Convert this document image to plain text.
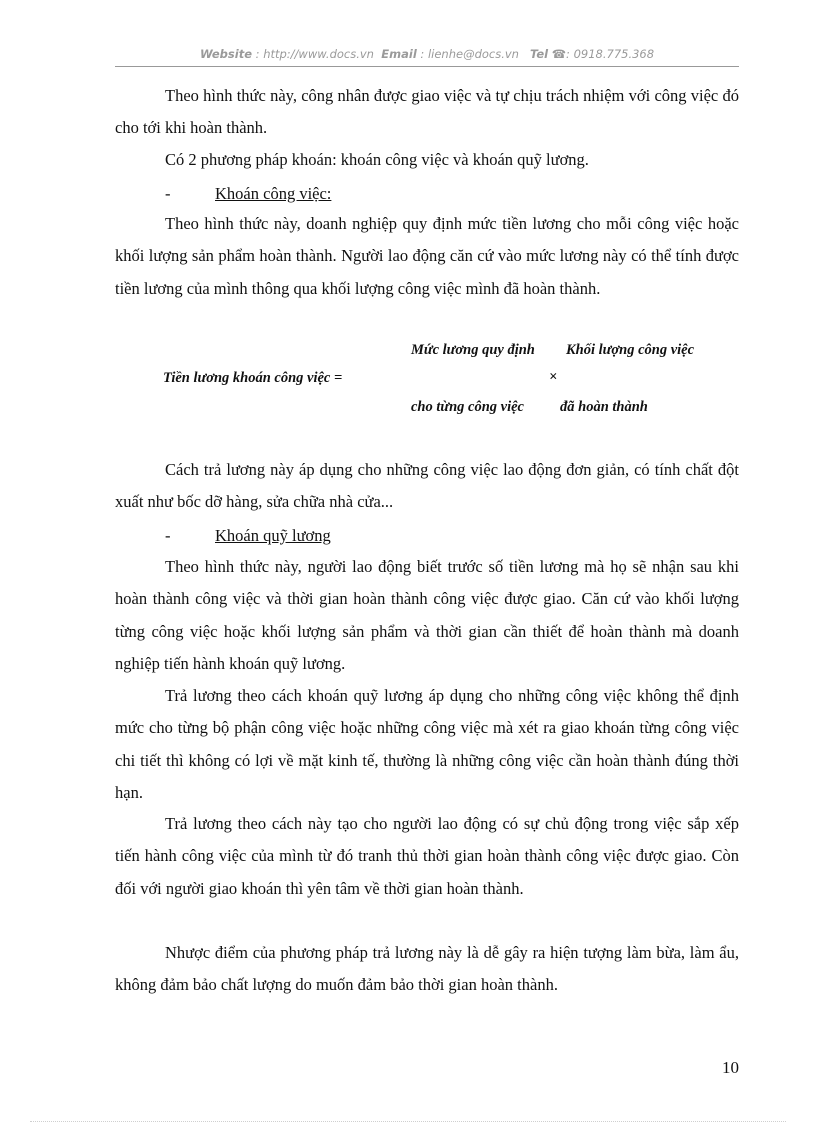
Website : http://www.docs.vn Email : lienhe@docs.vn Tel ☎: 0918.775.368

Theo hình thức này, công nhân được giao việc và tự chịu trách nhiệm với công việc đó cho tới khi hoàn thành.

Có 2 phương pháp khoán: khoán công việc và khoán quỹ lương.

-	Khoán công việc:

Theo hình thức này, doanh nghiệp quy định mức tiền lương cho mỗi công việc hoặc khối lượng sản phẩm hoàn thành. Người lao động căn cứ vào mức lương này có thể tính được tiền lương của mình thông qua khối lượng công việc mình đã hoàn thành.

Tiền lương khoán công việc =
Mức lương quy định Khối lượng công việc
×
cho từng công việc đã hoàn thành

Cách trả lương này áp dụng cho những công việc lao động đơn giản, có tính chất đột xuất như bốc dỡ hàng, sửa chữa nhà cửa...

-	Khoán quỹ lương

Theo hình thức này, người lao động biết trước số tiền lương mà họ sẽ nhận sau khi hoàn thành công việc và thời gian hoàn thành công việc được giao. Căn cứ vào khối lượng từng công việc hoặc khối lượng sản phẩm và thời gian cần thiết để hoàn thành mà doanh nghiệp tiến hành khoán quỹ lương.

Trả lương theo cách khoán quỹ lương áp dụng cho những công việc không thể định mức cho từng bộ phận công việc hoặc những công việc mà xét ra giao khoán từng công việc chi tiết thì không có lợi về mặt kinh tế, thường là những công việc cần hoàn thành đúng thời hạn.

Trả lương theo cách này tạo cho người lao động có sự chủ động trong việc sắp xếp tiến hành công việc của mình từ đó tranh thủ thời gian hoàn thành công việc được giao. Còn đối với người giao khoán thì yên tâm về thời gian hoàn thành.

Nhược điểm của phương pháp trả lương này là dễ gây ra hiện tượng làm bừa, làm ẩu, không đảm bảo chất lượng do muốn đảm bảo thời gian hoàn thành.

10
